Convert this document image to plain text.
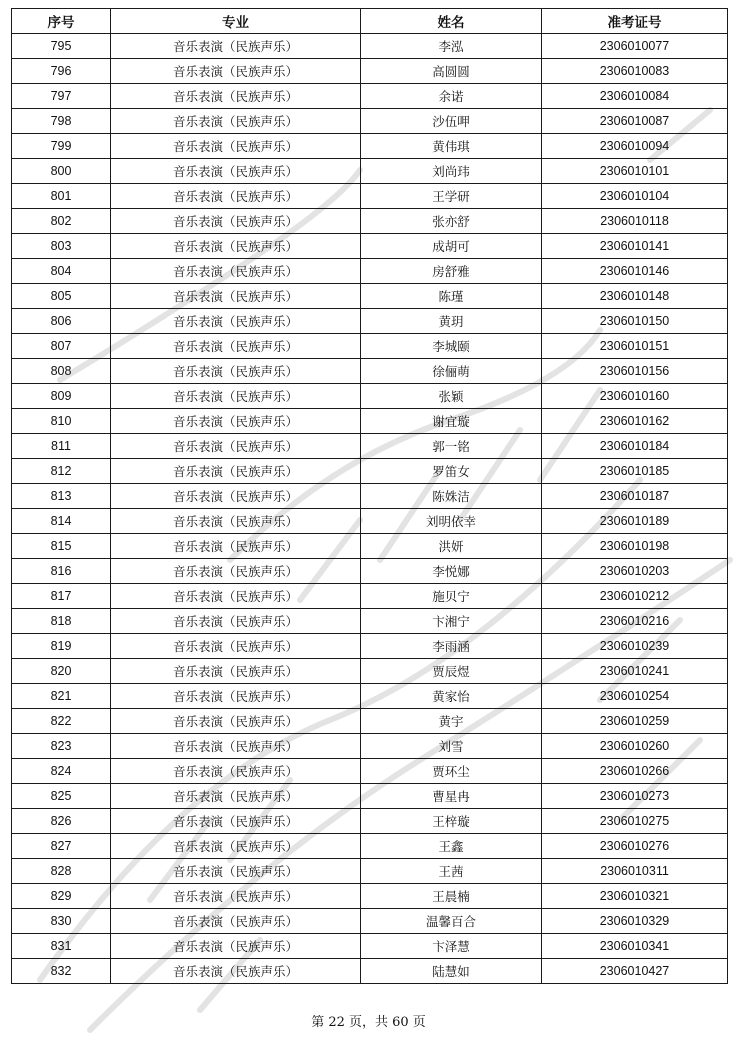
序号	专业	姓名	准考证号
795	音乐表演（民族声乐）	李泓	2306010077
796	音乐表演（民族声乐）	高圆圆	2306010083
797	音乐表演（民族声乐）	余诺	2306010084
798	音乐表演（民族声乐）	沙伍呷	2306010087
799	音乐表演（民族声乐）	黄伟琪	2306010094
800	音乐表演（民族声乐）	刘尚玮	2306010101
801	音乐表演（民族声乐）	王学研	2306010104
802	音乐表演（民族声乐）	张亦舒	2306010118
803	音乐表演（民族声乐）	成胡可	2306010141
804	音乐表演（民族声乐）	房舒雅	2306010146
805	音乐表演（民族声乐）	陈瑾	2306010148
806	音乐表演（民族声乐）	黄玥	2306010150
807	音乐表演（民族声乐）	李城颐	2306010151
808	音乐表演（民族声乐）	徐俪萌	2306010156
809	音乐表演（民族声乐）	张颖	2306010160
810	音乐表演（民族声乐）	谢宜璇	2306010162
811	音乐表演（民族声乐）	郭一铭	2306010184
812	音乐表演（民族声乐）	罗笛女	2306010185
813	音乐表演（民族声乐）	陈姝洁	2306010187
814	音乐表演（民族声乐）	刘明依幸	2306010189
815	音乐表演（民族声乐）	洪妍	2306010198
816	音乐表演（民族声乐）	李悦娜	2306010203
817	音乐表演（民族声乐）	施贝宁	2306010212
818	音乐表演（民族声乐）	卞湘宁	2306010216
819	音乐表演（民族声乐）	李雨涵	2306010239
820	音乐表演（民族声乐）	贾辰煜	2306010241
821	音乐表演（民族声乐）	黄家怡	2306010254
822	音乐表演（民族声乐）	黄宇	2306010259
823	音乐表演（民族声乐）	刘雪	2306010260
824	音乐表演（民族声乐）	贾环尘	2306010266
825	音乐表演（民族声乐）	曹星冉	2306010273
826	音乐表演（民族声乐）	王梓璇	2306010275
827	音乐表演（民族声乐）	王鑫	2306010276
828	音乐表演（民族声乐）	王茜	2306010311
829	音乐表演（民族声乐）	王晨楠	2306010321
830	音乐表演（民族声乐）	温馨百合	2306010329
831	音乐表演（民族声乐）	卞泽慧	2306010341
832	音乐表演（民族声乐）	陆慧如	2306010427
第 22 页，共 60 页
